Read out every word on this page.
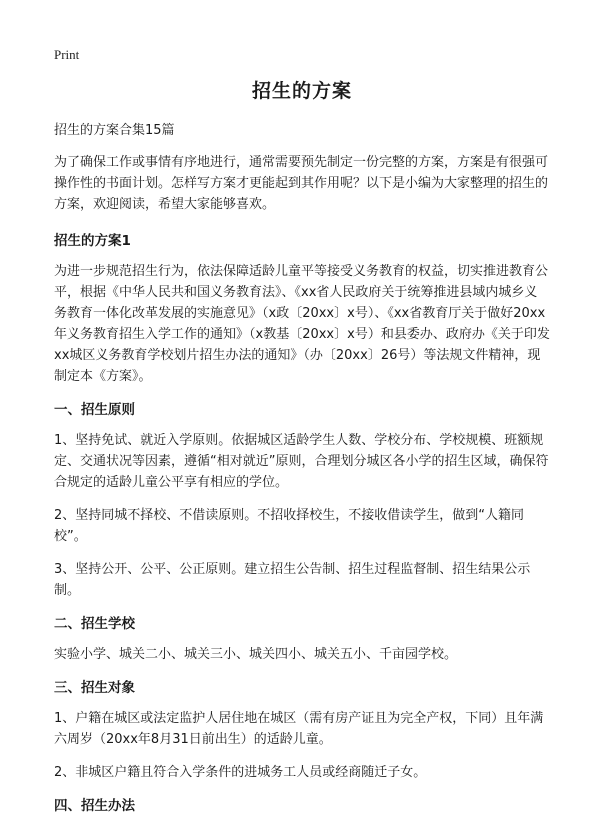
Print
招生的方案
招生的方案合集15篇

为了确保工作或事情有序地进行，通常需要预先制定一份完整的方案，方案是有很强可操作性的书面计划。怎样写方案才更能起到其作用呢？以下是小编为大家整理的招生的方案，欢迎阅读，希望大家能够喜欢。

招生的方案1

为进一步规范招生行为，依法保障适龄儿童平等接受义务教育的权益，切实推进教育公平，根据《中华人民共和国义务教育法》、《xx省人民政府关于统筹推进县域内城乡义务教育一体化改革发展的实施意见》（x政〔20xx〕x号）、《xx省教育厅关于做好20xx年义务教育招生入学工作的通知》（x教基〔20xx〕x号）和县委办、政府办《关于印发xx城区义务教育学校划片招生办法的通知》（办〔20xx〕26号）等法规文件精神，现制定本《方案》。

一、招生原则

1、坚持免试、就近入学原则。依据城区适龄学生人数、学校分布、学校规模、班额规定、交通状况等因素，遵循“相对就近”原则，合理划分城区各小学的招生区域，确保符合规定的适龄儿童公平享有相应的学位。

2、坚持同城不择校、不借读原则。不招收择校生，不接收借读学生，做到“人籍同校”。

3、坚持公开、公平、公正原则。建立招生公告制、招生过程监督制、招生结果公示制。

二、招生学校

实验小学、城关二小、城关三小、城关四小、城关五小、千亩园学校。

三、招生对象

1、户籍在城区或法定监护人居住地在城区（需有房产证且为完全产权，下同）且年满六周岁（20xx年8月31日前出生）的适龄儿童。

2、非城区户籍且符合入学条件的进城务工人员或经商随迁子女。

四、招生办法
